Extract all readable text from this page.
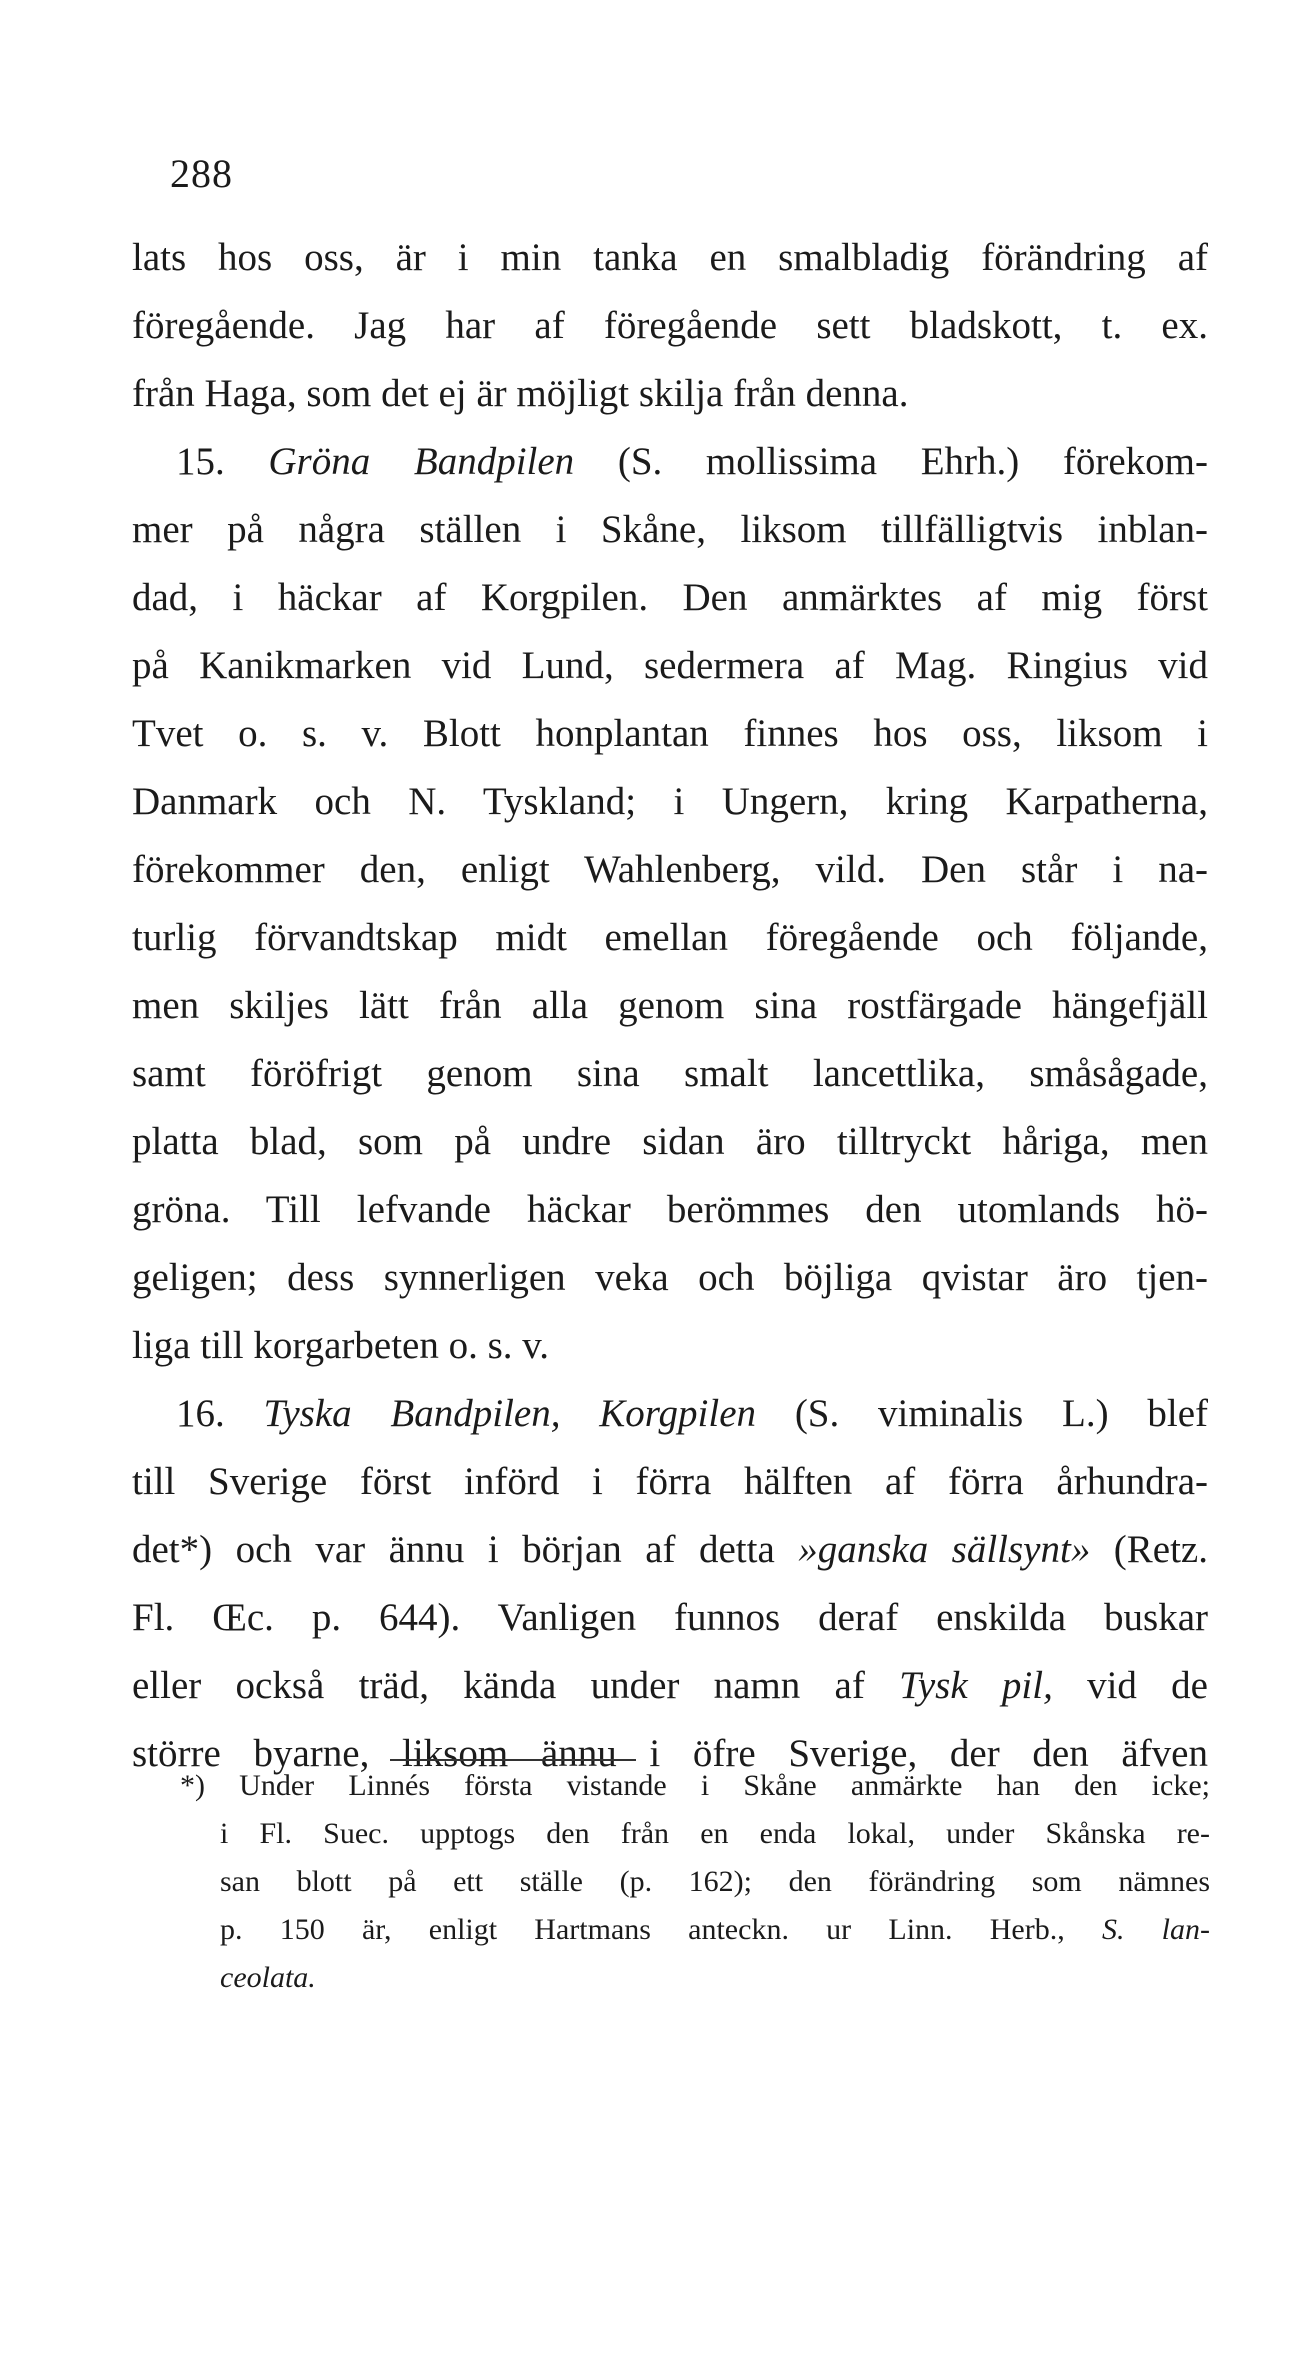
288
lats hos oss, är i min tanka en smalbladig förändring af
föregående. Jag har af föregående sett bladskott, t. ex.
från Haga, som det ej är möjligt skilja från denna.
15. Gröna Bandpilen (S. mollissima Ehrh.) förekom-
mer på några ställen i Skåne, liksom tillfälligtvis inblan-
dad, i häckar af Korgpilen. Den anmärktes af mig först
på Kanikmarken vid Lund, sedermera af Mag. Ringius vid
Tvet o. s. v. Blott honplantan finnes hos oss, liksom i
Danmark och N. Tyskland; i Ungern, kring Karpatherna,
förekommer den, enligt Wahlenberg, vild. Den står i na-
turlig förvandtskap midt emellan föregående och följande,
men skiljes lätt från alla genom sina rostfärgade hängefjäll
samt föröfrigt genom sina smalt lancettlika, småsågade,
platta blad, som på undre sidan äro tilltryckt håriga, men
gröna. Till lefvande häckar berömmes den utomlands hö-
geligen; dess synnerligen veka och böjliga qvistar äro tjen-
liga till korgarbeten o. s. v.
16. Tyska Bandpilen, Korgpilen (S. viminalis L.) blef
till Sverige först införd i förra hälften af förra århundra-
det*) och var ännu i början af detta »ganska sällsynt» (Retz.
Fl. Œc. p. 644). Vanligen funnos deraf enskilda buskar
eller också träd, kända under namn af Tysk pil, vid de
större byarne, liksom ännu i öfre Sverige, der den äfven
*) Under Linnés första vistande i Skåne anmärkte han den icke;
i Fl. Suec. upptogs den från en enda lokal, under Skånska re-
san blott på ett ställe (p. 162); den förändring som nämnes
p. 150 är, enligt Hartmans anteckn. ur Linn. Herb., S. lan-
ceolata.
